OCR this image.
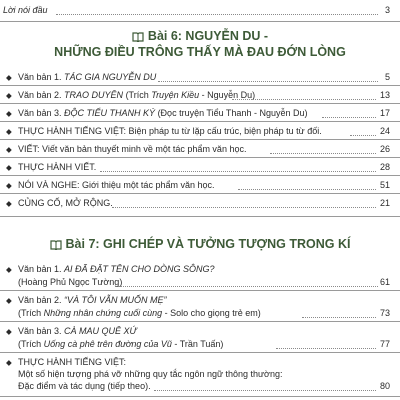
Lời nói đầu	3
Bài 6: NGUYỄN DU -
NHỮNG ĐIỀU TRÔNG THẤY MÀ ĐAU ĐỚN LÒNG
◆ Văn bản 1. TÁC GIA NGUYỄN DU	5
◆ Văn bản 2. TRAO DUYÊN (Trích Truyện Kiều - Nguyễn Du)	13
◆ Văn bản 3. ĐỘC TIỂU THANH KÝ (Đọc truyện Tiểu Thanh - Nguyễn Du)	17
◆ THỰC HÀNH TIẾNG VIỆT: Biện pháp tu từ lặp cấu trúc, biện pháp tu từ đối.	24
◆ VIẾT: Viết văn bản thuyết minh về một tác phẩm văn học.	26
◆ THỰC HÀNH VIẾT.	28
◆ NÓI VÀ NGHE: Giới thiệu một tác phẩm văn học.	51
◆ CỦNG CỐ, MỞ RỘNG.	21
Bài 7: GHI CHÉP VÀ TƯỞNG TƯỢNG TRONG KÍ
◆ Văn bản 1. AI ĐÃ ĐẶT TÊN CHO DÒNG SÔNG?
(Hoàng Phủ Ngọc Tường)	61
◆ Văn bản 2. “VÀ TÔI VẪN MUỐN MẸ”
(Trích Những nhân chứng cuối cùng - Solo cho giọng trẻ em)	73
◆ Văn bản 3. CÀ MAU QUÊ XỨ
(Trích Uống cà phê trên đường của Vũ - Trần Tuấn)	77
◆ THỰC HÀNH TIẾNG VIỆT:
Một số hiện tượng phá vỡ những quy tắc ngôn ngữ thông thường:
Đặc điểm và tác dụng (tiếp theo).	80
